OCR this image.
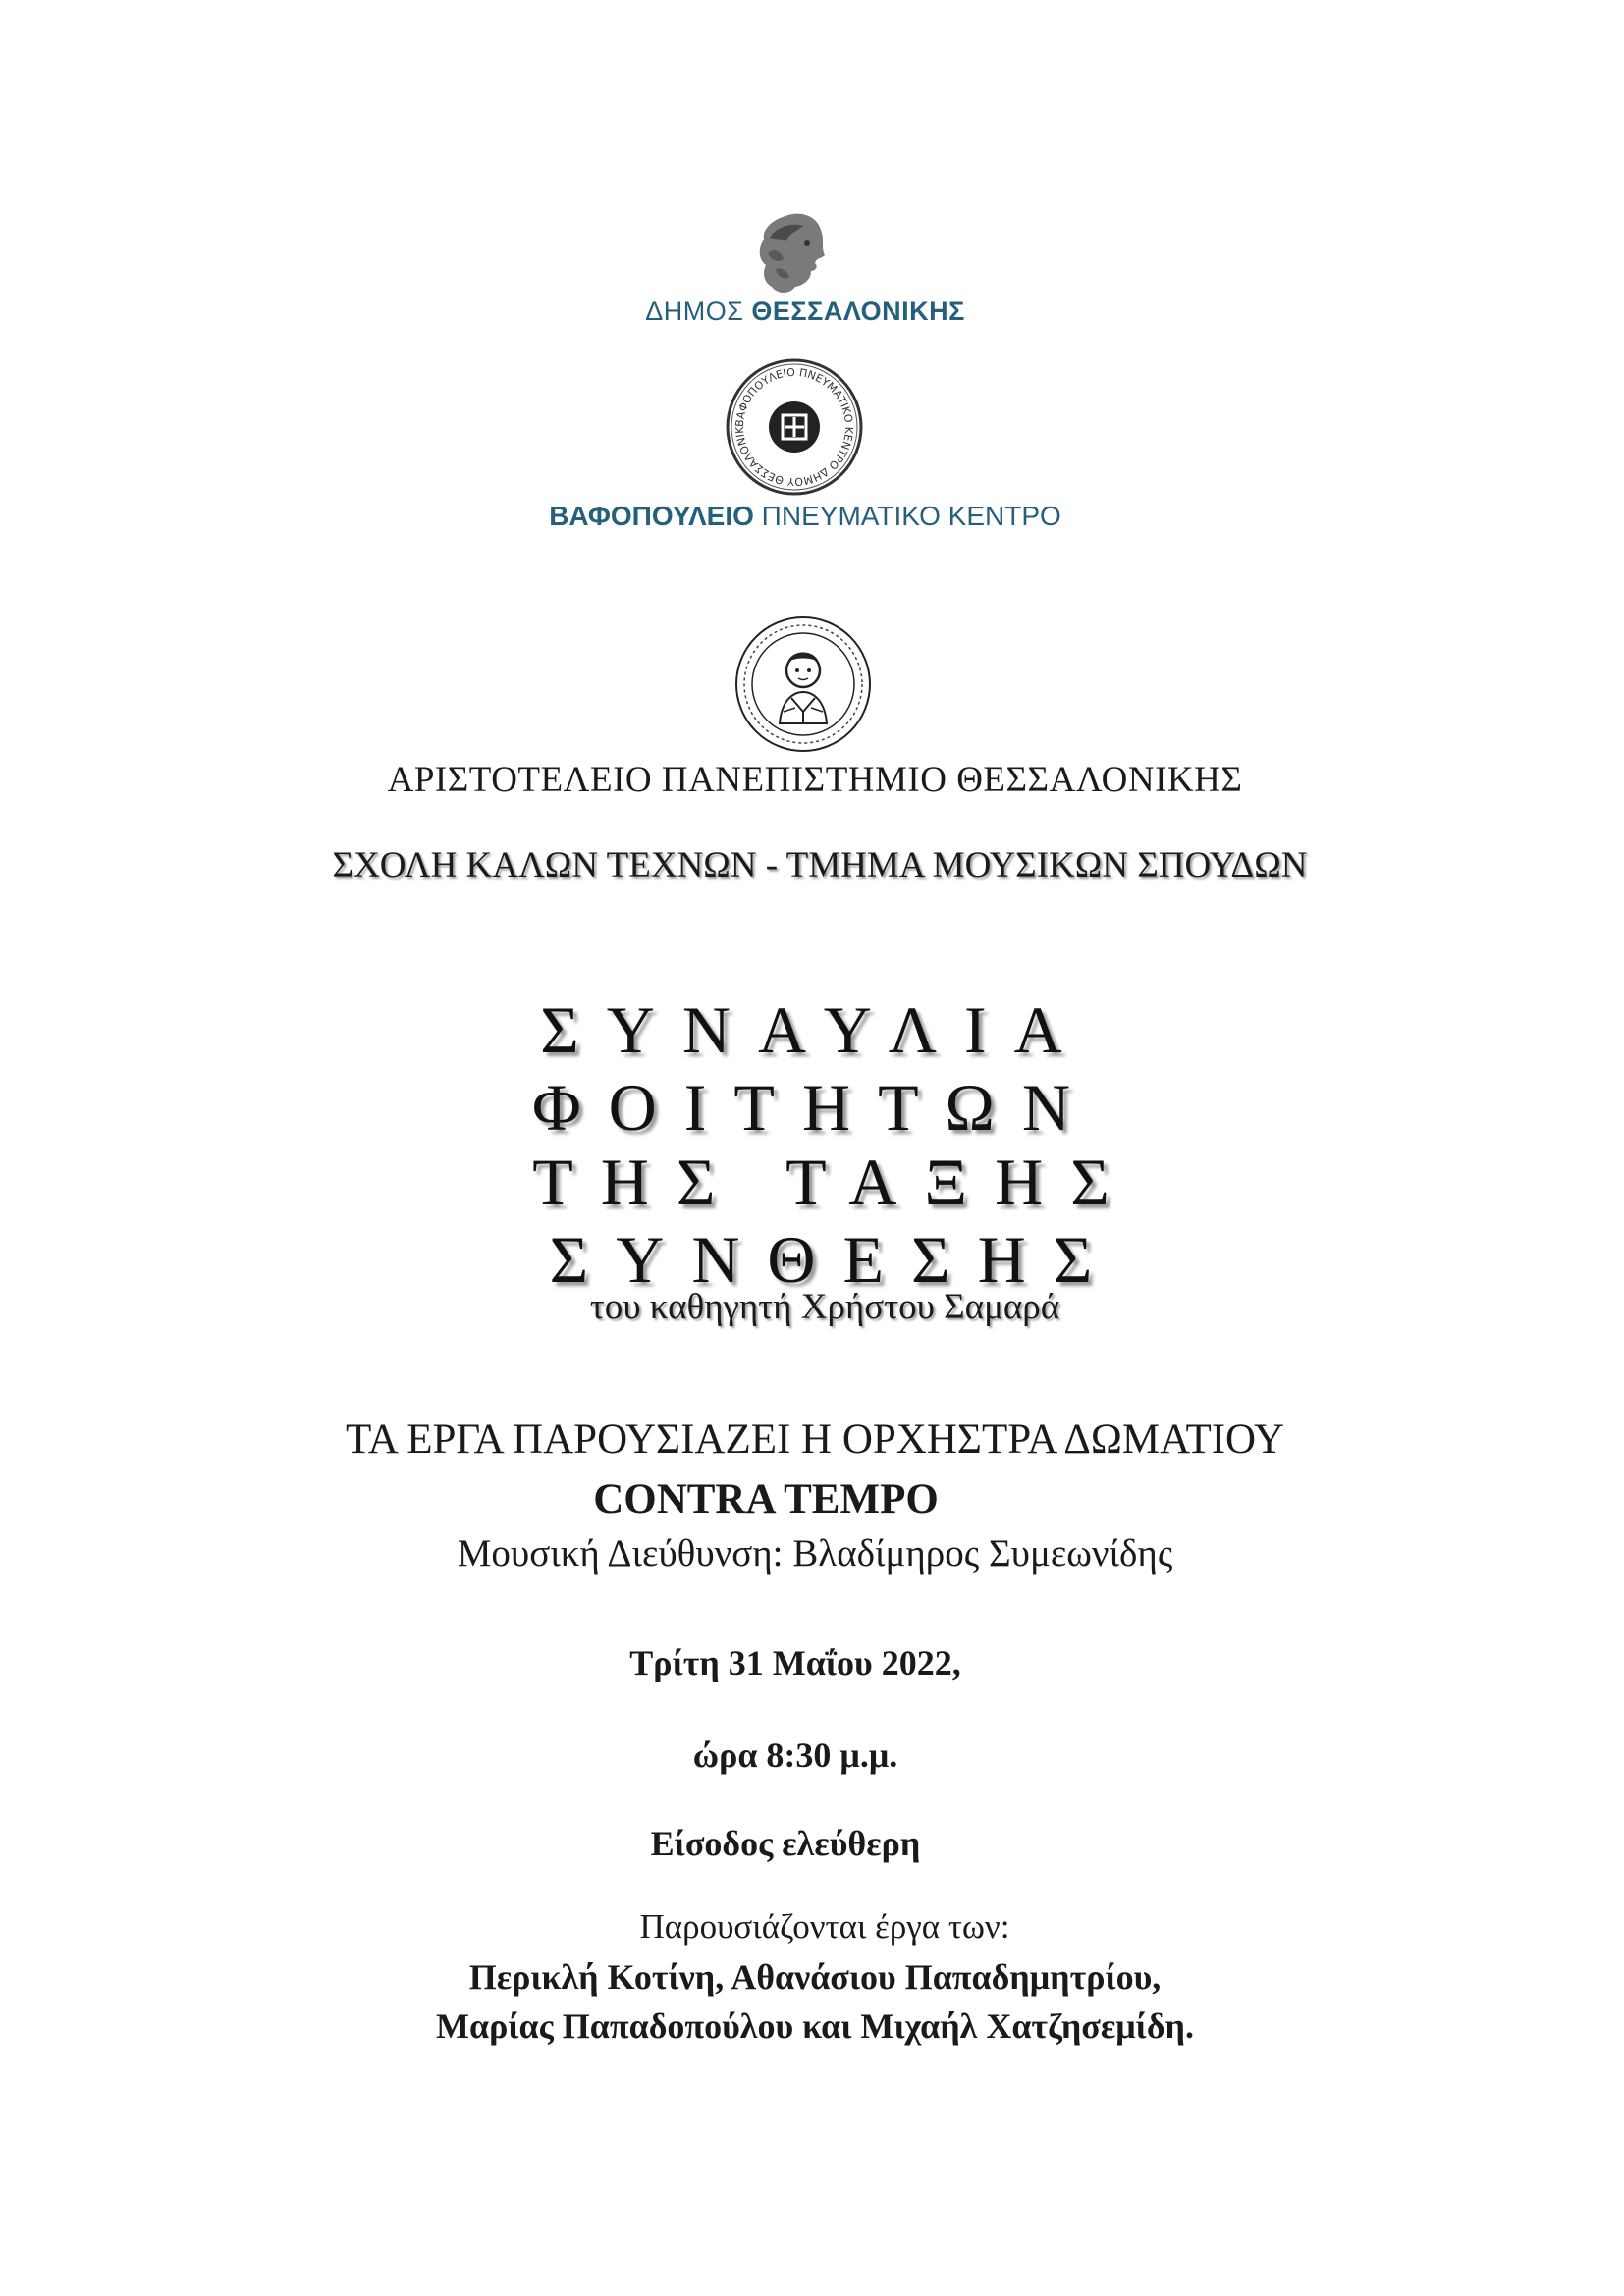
ΔΗΜΟΣ ΘΕΣΣΑΛΟΝΙΚΗΣ
ΒΑΦΟΠΟΥΛΕΙΟ ΠΝΕΥΜΑΤΙΚΟ ΚΕΝΤΡΟ ΔΗΜΟΥ ΘΕΣΣΑΛΟΝΙΚ
ΒΑΦΟΠΟΥΛΕΙΟ ΠΝΕΥΜΑΤΙΚΟ ΚΕΝΤΡΟ
ΑΡΙΣΤΟΤΕΛΕΙΟ ΠΑΝΕΠΙΣΤΗΜΙΟ ΘΕΣΣΑΛΟΝΙΚΗΣ
ΣΧΟΛΗ ΚΑΛΩΝ ΤΕΧΝΩΝ - ΤΜΗΜΑ ΜΟΥΣΙΚΩΝ ΣΠΟΥΔΩΝ
ΣΥΝΑΥΛΙΑ ΦΟΙΤΗΤΩΝ
ΤΗΣ ΤΑΞΗΣ ΣΥΝΘΕΣΗΣ
του καθηγητή Χρήστου Σαμαρά
ΤΑ ΕΡΓΑ ΠΑΡΟΥΣΙΑΖΕΙ Η ΟΡΧΗΣΤΡΑ ΔΩΜΑΤΙΟΥ
CONTRA TEMPO
Μουσική Διεύθυνση: Βλαδίμηρος Συμεωνίδης
Τρίτη 31 Μαΐου 2022,
ώρα 8:30 μ.μ.
Είσοδος ελεύθερη
Παρουσιάζονται έργα των:
Περικλή Κοτίνη, Αθανάσιου Παπαδημητρίου,
Μαρίας Παπαδοπούλου και Μιχαήλ Χατζησεμίδη.
